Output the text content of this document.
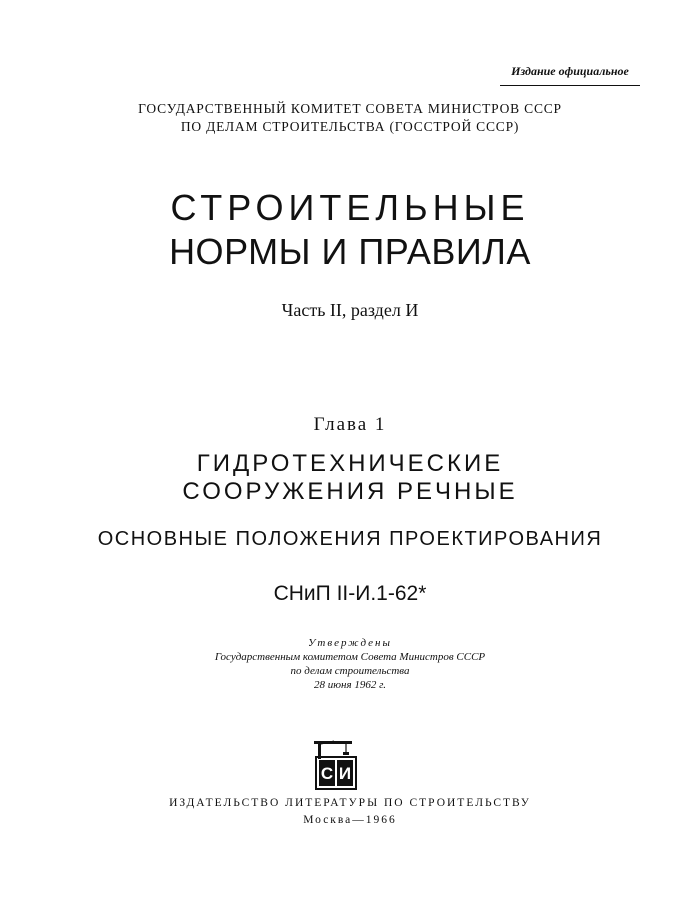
Издание официальное
ГОСУДАРСТВЕННЫЙ КОМИТЕТ СОВЕТА МИНИСТРОВ СССР
ПО ДЕЛАМ СТРОИТЕЛЬСТВА (ГОССТРОЙ СССР)
СТРОИТЕЛЬНЫЕ
НОРМЫ И ПРАВИЛА
Часть II, раздел И
Глава 1
ГИДРОТЕХНИЧЕСКИЕ
СООРУЖЕНИЯ РЕЧНЫЕ
ОСНОВНЫЕ ПОЛОЖЕНИЯ ПРОЕКТИРОВАНИЯ
СНиП II-И.1-62*
Утверждены
Государственным комитетом Совета Министров СССР
по делам строительства
28 июня 1962 г.
С И
ИЗДАТЕЛЬСТВО ЛИТЕРАТУРЫ ПО СТРОИТЕЛЬСТВУ
Москва—1966
